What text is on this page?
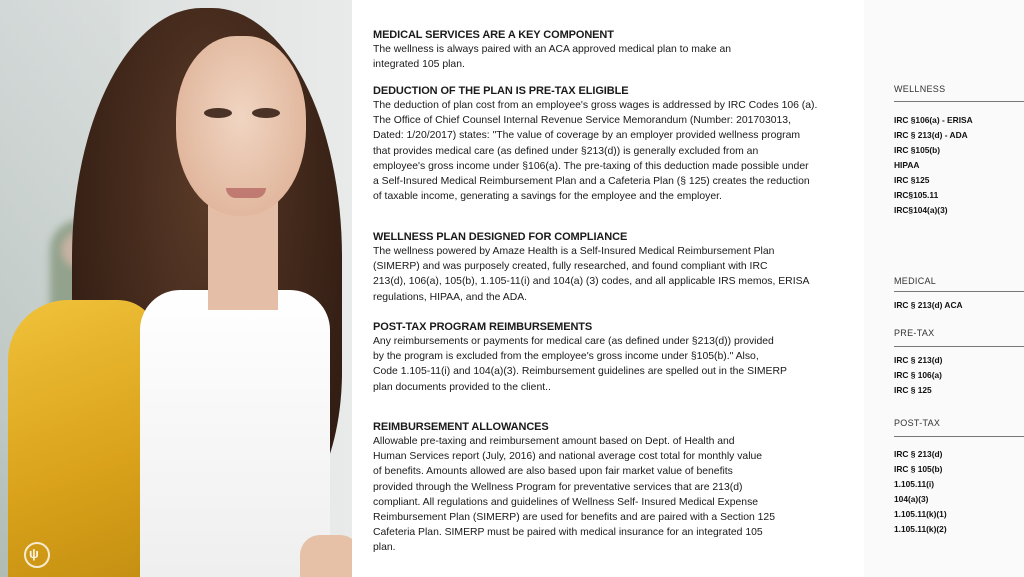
ψ
MEDICAL SERVICES ARE A KEY COMPONENT

The wellness is always paired with an ACA approved medical plan to make an
integrated 105 plan.

DEDUCTION OF THE PLAN IS PRE-TAX ELIGIBLE

The deduction of plan cost from an employee's gross wages is addressed by IRC Codes 106 (a).
The Office of Chief Counsel Internal Revenue Service Memorandum (Number: 201703013,
Dated: 1/20/2017) states: "The value of coverage by an employer provided wellness program
that provides medical care (as defined under §213(d)) is generally excluded from an
employee's gross income under §106(a). The pre-taxing of this deduction made possible under
a Self-Insured Medical Reimbursement Plan and a Cafeteria Plan (§ 125) creates the reduction
of taxable income, generating a savings for the employee and the employer.

WELLNESS PLAN DESIGNED FOR COMPLIANCE

The wellness powered by Amaze Health is a Self-Insured Medical Reimbursement Plan
(SIMERP) and was purposely created, fully researched, and found compliant with IRC
213(d), 106(a), 105(b), 1.105-11(i) and 104(a) (3) codes, and all applicable IRS memos, ERISA
regulations, HIPAA, and the ADA.

POST-TAX PROGRAM REIMBURSEMENTS

Any reimbursements or payments for medical care (as defined under §213(d)) provided
by the program is excluded from the employee's gross income under §105(b)." Also,
Code 1.105-11(i) and 104(a)(3). Reimbursement guidelines are spelled out in the SIMERP
plan documents provided to the client..

REIMBURSEMENT ALLOWANCES

Allowable pre-taxing and reimbursement amount based on Dept. of Health and
Human Services report (July, 2016) and national average cost total for monthly value
of benefits. Amounts allowed are also based upon fair market value of benefits
provided through the Wellness Program for preventative services that are 213(d)
compliant. All regulations and guidelines of Wellness Self- Insured Medical Expense
Reimbursement Plan (SIMERP) are used for benefits and are paired with a Section 125
Cafeteria Plan. SIMERP must be paired with medical insurance for an integrated 105
plan.

WELLNESS
IRC §106(a) - ERISA
IRC § 213(d) - ADA
IRC §105(b)
HIPAA
IRC §125
IRC§105.11
IRC§104(a)(3)
MEDICAL
IRC § 213(d) ACA
PRE-TAX
IRC § 213(d)
IRC § 106(a)
IRC § 125
POST-TAX
IRC § 213(d)
IRC § 105(b)
1.105.11(i)
104(a)(3)
1.105.11(k)(1)
1.105.11(k)(2)
